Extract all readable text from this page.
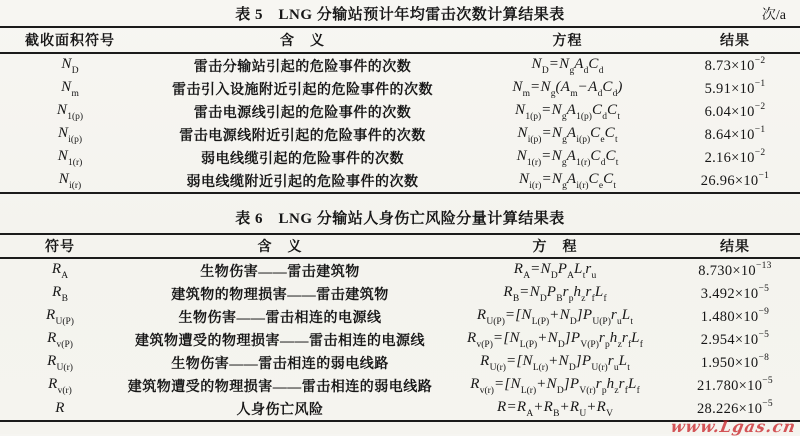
表 5　LNG 分输站预计年均雷击次数计算结果表	次/a
截收面积符号	含　义	方程	结果
$N_D$	雷击分输站引起的危险事件的次数	$N_D=N_gA_dC_d$	$8.73\times 10^{-2}$
$N_m$	雷击引入设施附近引起的危险事件的次数	$N_m=N_g(A_m-A_dC_d)$	$5.91\times 10^{-1}$
$N_{1(p)}$	雷击电源线引起的危险事件的次数	$N_{1(p)}=N_gA_{1(p)}C_dC_t$	$6.04\times 10^{-2}$
$N_{i(p)}$	雷击电源线附近引起的危险事件的次数	$N_{i(p)}=N_gA_{i(p)}C_eC_t$	$8.64\times 10^{-1}$
$N_{1(r)}$	弱电线缆引起的危险事件的次数	$N_{1(r)}=N_gA_{1(r)}C_dC_t$	$2.16\times 10^{-2}$
$N_{i(r)}$	弱电线缆附近引起的危险事件的次数	$N_{i(r)}=N_gA_{i(r)}C_eC_t$	$26.96\times 10^{-1}$
表 6　LNG 分输站人身伤亡风险分量计算结果表
符号	含　义	方　程	结果
$R_A$	生物伤害——雷击建筑物	$R_A=N_DP_AL_tr_u$	$8.730\times 10^{-13}$
$R_B$	建筑物的物理损害——雷击建筑物	$R_B=N_DP_Br_ph_zr_fL_f$	$3.492\times 10^{-5}$
$R_{U(P)}$	生物伤害——雷击相连的电源线	$R_{U(P)}=[N_{L(P)}+N_D]P_{U(P)}r_uL_t$	$1.480\times 10^{-9}$
$R_{v(P)}$	建筑物遭受的物理损害——雷击相连的电源线	$R_{v(P)}=[N_{L(P)}+N_D]P_{V(P)}r_ph_zr_fL_f$	$2.954\times 10^{-5}$
$R_{U(r)}$	生物伤害——雷击相连的弱电线路	$R_{U(r)}=[N_{L(r)}+N_D]P_{U(r)}r_uL_t$	$1.950\times 10^{-8}$
$R_{v(r)}$	建筑物遭受的物理损害——雷击相连的弱电线路	$R_{v(r)}=[N_{L(r)}+N_D]P_{V(r)}r_ph_zr_fL_f$	$21.780\times 10^{-5}$
R	人身伤亡风险	$R=R_A+R_B+R_U+R_V$	$28.226\times 10^{-5}$
www.Lgas.cn
